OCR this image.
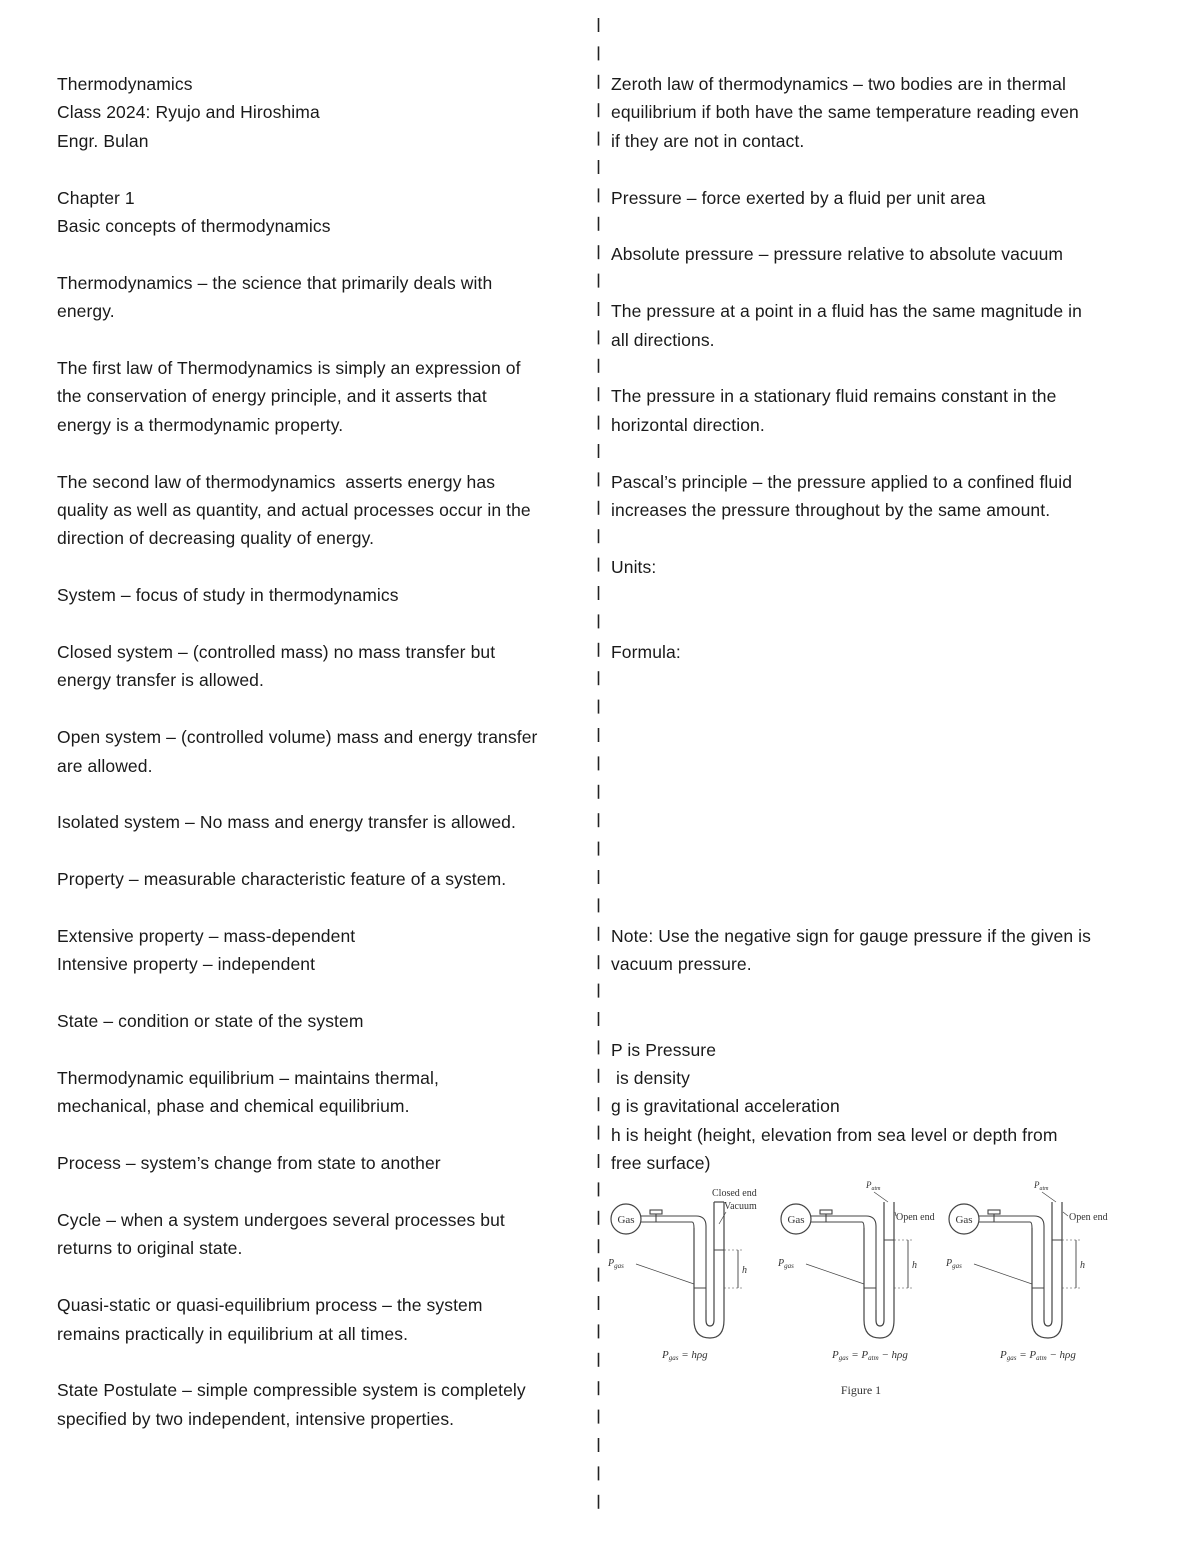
Thermodynamics
Class 2024: Ryujo and Hiroshima
Engr. Bulan
Chapter 1
Basic concepts of thermodynamics
Thermodynamics – the science that primarily deals with
energy.
The first law of Thermodynamics is simply an expression of
the conservation of energy principle, and it asserts that
energy is a thermodynamic property.
The second law of thermodynamics  asserts energy has
quality as well as quantity, and actual processes occur in the
direction of decreasing quality of energy.
System – focus of study in thermodynamics
Closed system – (controlled mass) no mass transfer but
energy transfer is allowed.
Open system – (controlled volume) mass and energy transfer
are allowed.
Isolated system – No mass and energy transfer is allowed.
Property – measurable characteristic feature of a system.
Extensive property – mass-dependent
Intensive property – independent
State – condition or state of the system
Thermodynamic equilibrium – maintains thermal,
mechanical, phase and chemical equilibrium.
Process – system’s change from state to another
Cycle – when a system undergoes several processes but
returns to original state.
Quasi-static or quasi-equilibrium process – the system
remains practically in equilibrium at all times.
State Postulate – simple compressible system is completely
specified by two independent, intensive properties.
Zeroth law of thermodynamics – two bodies are in thermal
equilibrium if both have the same temperature reading even
if they are not in contact.
Pressure – force exerted by a fluid per unit area
Absolute pressure – pressure relative to absolute vacuum
The pressure at a point in a fluid has the same magnitude in
all directions.
The pressure in a stationary fluid remains constant in the
horizontal direction.
Pascal’s principle – the pressure applied to a confined fluid
increases the pressure throughout by the same amount.
Units:
Formula:
Note: Use the negative sign for gauge pressure if the given is
vacuum pressure.
P is Pressure
is density
g is gravitational acceleration
h is height (height, elevation from sea level or depth from
free surface)
Gas
h
$P_{gas}$
Closed end
Vacuum
Pgas = hρg
Gas
h
$P_{gas}$
Open end
$P_{atm}$
Pgas = Patm − hρg
Gas
h
$P_{gas}$
Open end
$P_{atm}$
Pgas = Patm − hρg
Figure 1
